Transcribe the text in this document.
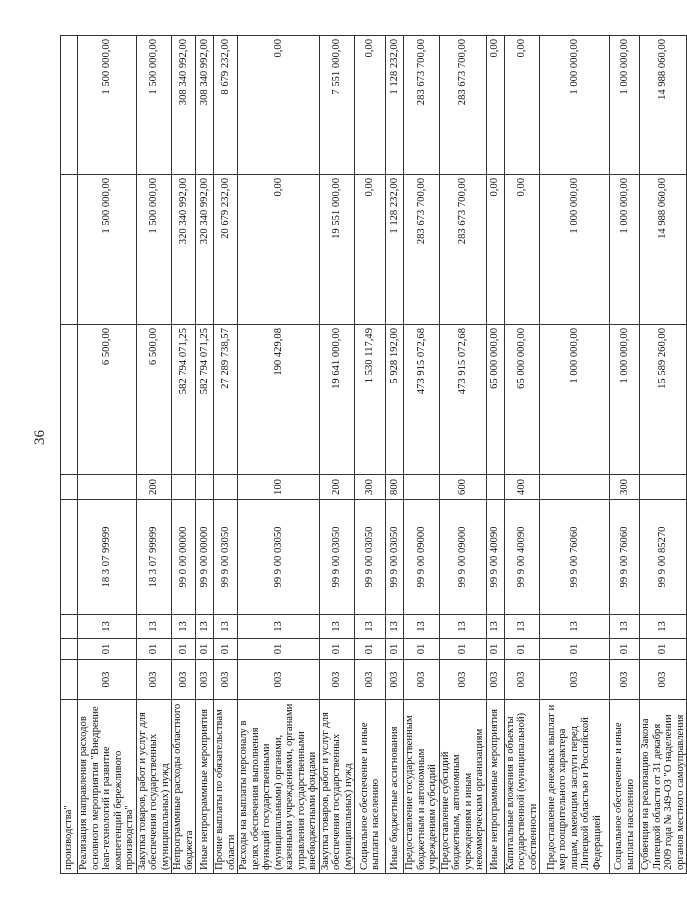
36
производства"								
Реализация направления расходов основного мероприятия "Внедрение lean-технологий и развитие компетенций бережливого производства"	003	01	13	18 3 07 99999		6 500,00	1 500 000,00	1 500 000,00
Закупка товаров, работ и услуг для обеспечения государственных (муниципальных) нужд	003	01	13	18 3 07 99999	200	6 500,00	1 500 000,00	1 500 000,00
Непрограммные расходы областного бюджета	003	01	13	99 0 00 00000		582 794 071,25	320 340 992,00	308 340 992,00
Иные непрограммные мероприятия	003	01	13	99 9 00 00000		582 794 071,25	320 340 992,00	308 340 992,00
Прочие выплаты по обязательствам области	003	01	13	99 9 00 03050		27 289 738,57	20 679 232,00	8 679 232,00
Расходы на выплаты персоналу в целях обеспечения выполнения функций государственными (муниципальными) органами, казенными учреждениями, органами управления государственными внебюджетными фондами	003	01	13	99 9 00 03050	100	190 429,08	0,00	0,00
Закупка товаров, работ и услуг для обеспечения государственных (муниципальных) нужд	003	01	13	99 9 00 03050	200	19 641 000,00	19 551 000,00	7 551 000,00
Социальное обеспечение и иные выплаты населению	003	01	13	99 9 00 03050	300	1 530 117,49	0,00	0,00
Иные бюджетные ассигнования	003	01	13	99 9 00 03050	800	5 928 192,00	1 128 232,00	1 128 232,00
Предоставление государственным бюджетным и автономным учреждениям субсидий	003	01	13	99 9 00 09000		473 915 072,68	283 673 700,00	283 673 700,00
Предоставление субсидий бюджетным, автономным учреждениям и иным некоммерческим организациям	003	01	13	99 9 00 09000	600	473 915 072,68	283 673 700,00	283 673 700,00
Иные непрограммные мероприятия	003	01	13	99 9 00 40090		65 000 000,00	0,00	0,00
Капитальные вложения в объекты государственной (муниципальной) собственности	003	01	13	99 9 00 40090	400	65 000 000,00	0,00	0,00
Предоставление денежных выплат и мер поощрительного характера лицам, имеющим заслуги перед Липецкой областью и Российской Федерацией	003	01	13	99 9 00 76060		1 000 000,00	1 000 000,00	1 000 000,00
Социальное обеспечение и иные выплаты населению	003	01	13	99 9 00 76060	300	1 000 000,00	1 000 000,00	1 000 000,00
Субвенция на реализацию Закона Липецкой области от 31 декабря 2009 года № 349-ОЗ "О наделении органов местного самоуправления	003	01	13	99 9 00 85270		15 589 260,00	14 988 060,00	14 988 060,00
